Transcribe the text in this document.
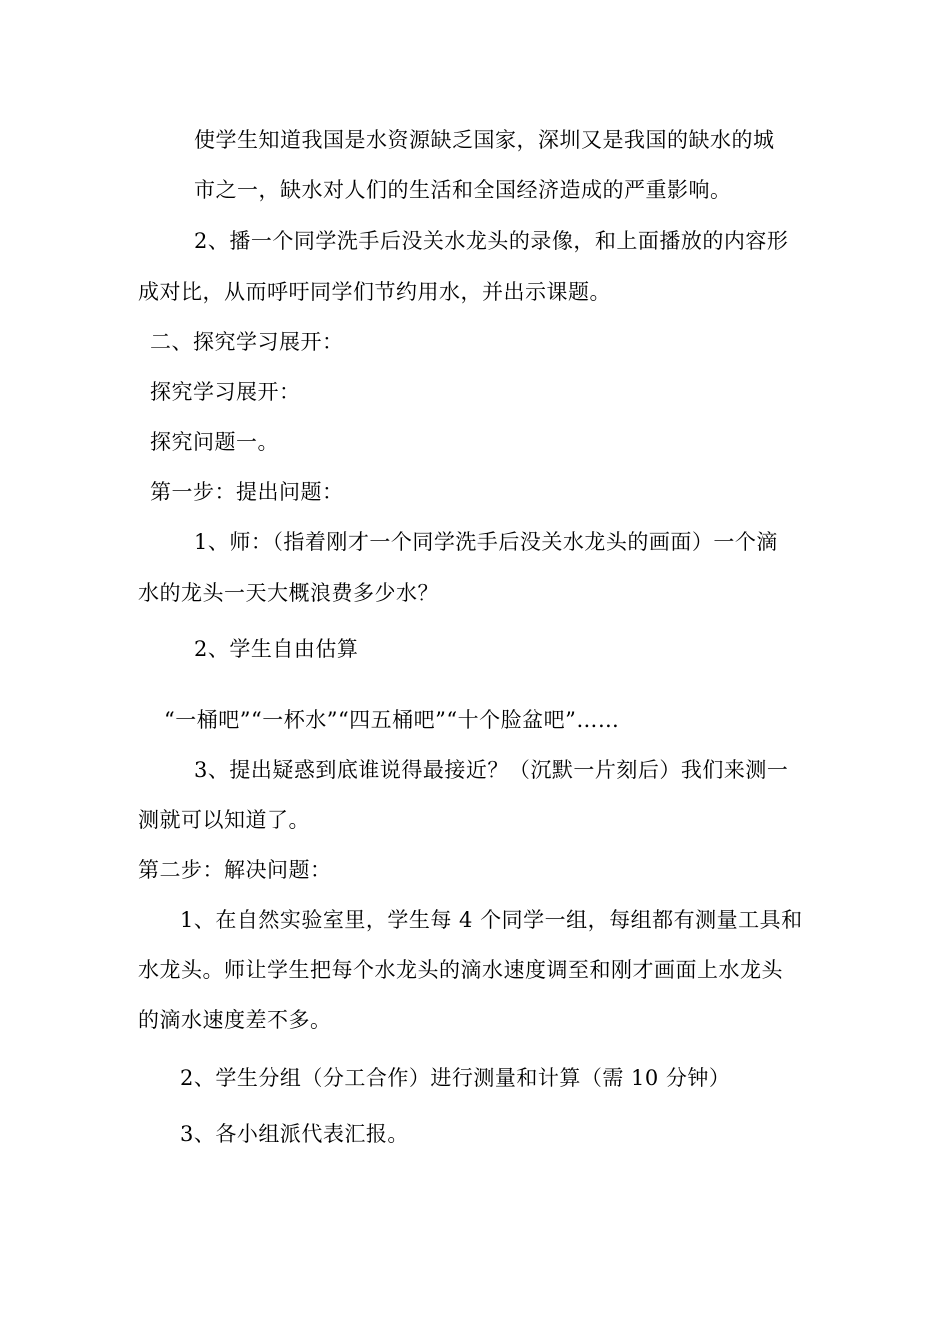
使学生知道我国是水资源缺乏国家，深圳又是我国的缺水的城
市之一，缺水对人们的生活和全国经济造成的严重影响。
2、播一个同学洗手后没关水龙头的录像，和上面播放的内容形
成对比，从而呼吁同学们节约用水，并出示课题。
二、探究学习展开：
探究学习展开：
探究问题一。
第一步：提出问题：
1、师：（指着刚才一个同学洗手后没关水龙头的画面）一个滴
水的龙头一天大概浪费多少水？
2、学生自由估算
“一桶吧”“一杯水”“四五桶吧”“十个脸盆吧”……
3、提出疑惑到底谁说得最接近？（沉默一片刻后）我们来测一
测就可以知道了。
第二步：解决问题：
1、在自然实验室里，学生每 4 个同学一组，每组都有测量工具和
水龙头。师让学生把每个水龙头的滴水速度调至和刚才画面上水龙头
的滴水速度差不多。
2、学生分组（分工合作）进行测量和计算（需 10 分钟）
3、各小组派代表汇报。
